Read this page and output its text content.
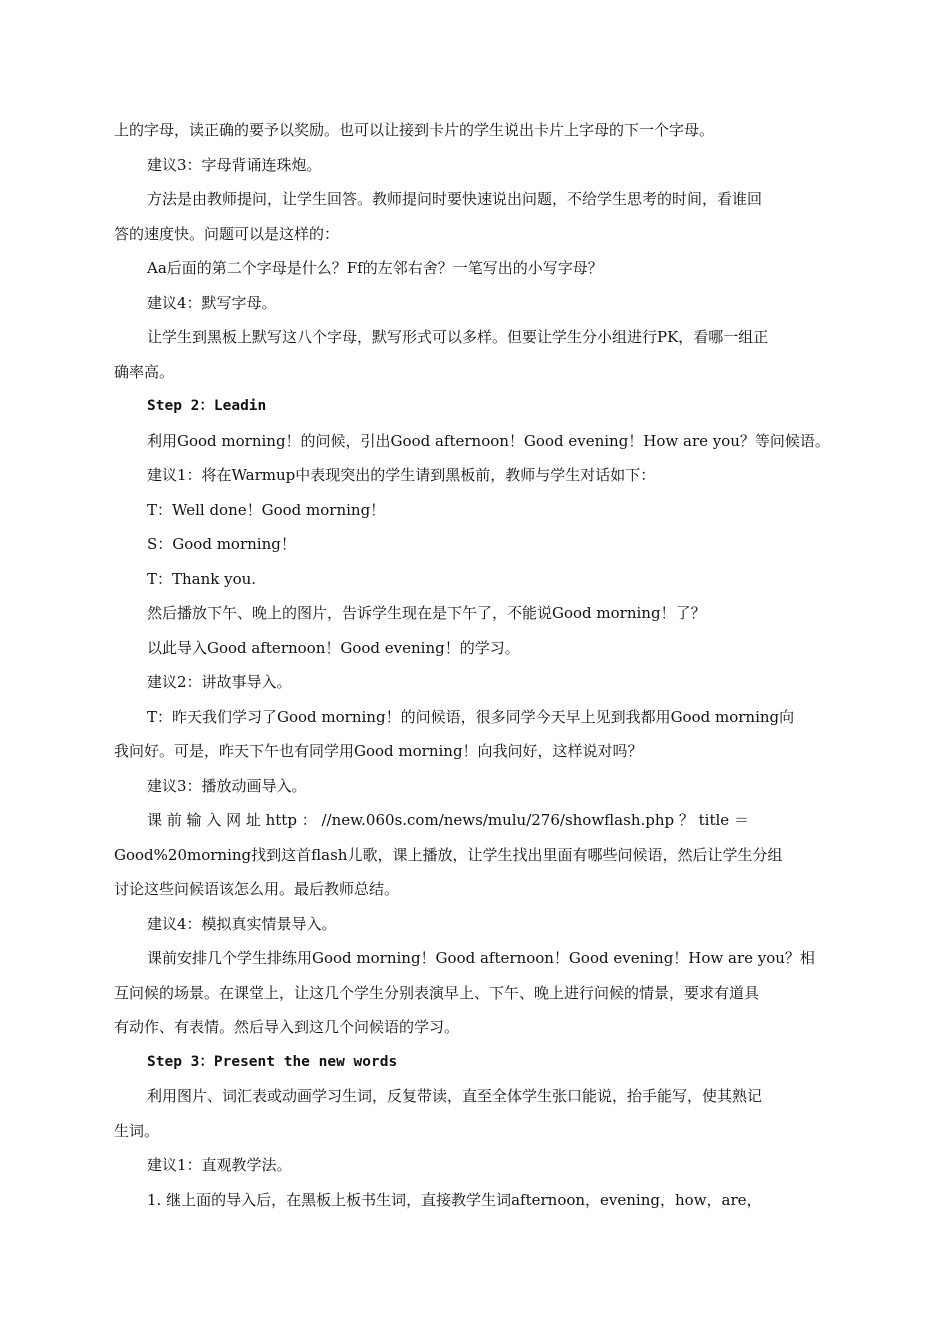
上的字母，读正确的要予以奖励。也可以让接到卡片的学生说出卡片上字母的下一个字母。
建议3：字母背诵连珠炮。
方法是由教师提问，让学生回答。教师提问时要快速说出问题，不给学生思考的时间，看谁回
答的速度快。问题可以是这样的：
Aa后面的第二个字母是什么？Ff的左邻右舍？一笔写出的小写字母？
建议4：默写字母。
让学生到黑板上默写这八个字母，默写形式可以多样。但要让学生分小组进行PK，看哪一组正
确率高。
Step 2：Leadin
利用Good morning！的问候，引出Good afternoon！Good evening！How are you？等问候语。
建议1：将在Warmup中表现突出的学生请到黑板前，教师与学生对话如下：
T：Well done！Good morning！
S：Good morning！
T：Thank you.
然后播放下午、晚上的图片，告诉学生现在是下午了，不能说Good morning！了？
以此导入Good afternoon！Good evening！的学习。
建议2：讲故事导入。
T：昨天我们学习了Good morning！的问候语，很多同学今天早上见到我都用Good morning向
我问好。可是，昨天下午也有同学用Good morning！向我问好，这样说对吗？
建议3：播放动画导入。
课 前 输 入 网 址 http ： //new.060s.com/news/mulu/276/showflash.php ？ title ＝
Good%20morning找到这首flash儿歌，课上播放，让学生找出里面有哪些问候语，然后让学生分组
讨论这些问候语该怎么用。最后教师总结。
建议4：模拟真实情景导入。
课前安排几个学生排练用Good morning！Good afternoon！Good evening！How are you？相
互问候的场景。在课堂上，让这几个学生分别表演早上、下午、晚上进行问候的情景，要求有道具
有动作、有表情。然后导入到这几个问候语的学习。
Step 3：Present the new words
利用图片、词汇表或动画学习生词，反复带读，直至全体学生张口能说，抬手能写，使其熟记
生词。
建议1：直观教学法。
1. 继上面的导入后，在黑板上板书生词，直接教学生词afternoon，evening，how，are，
